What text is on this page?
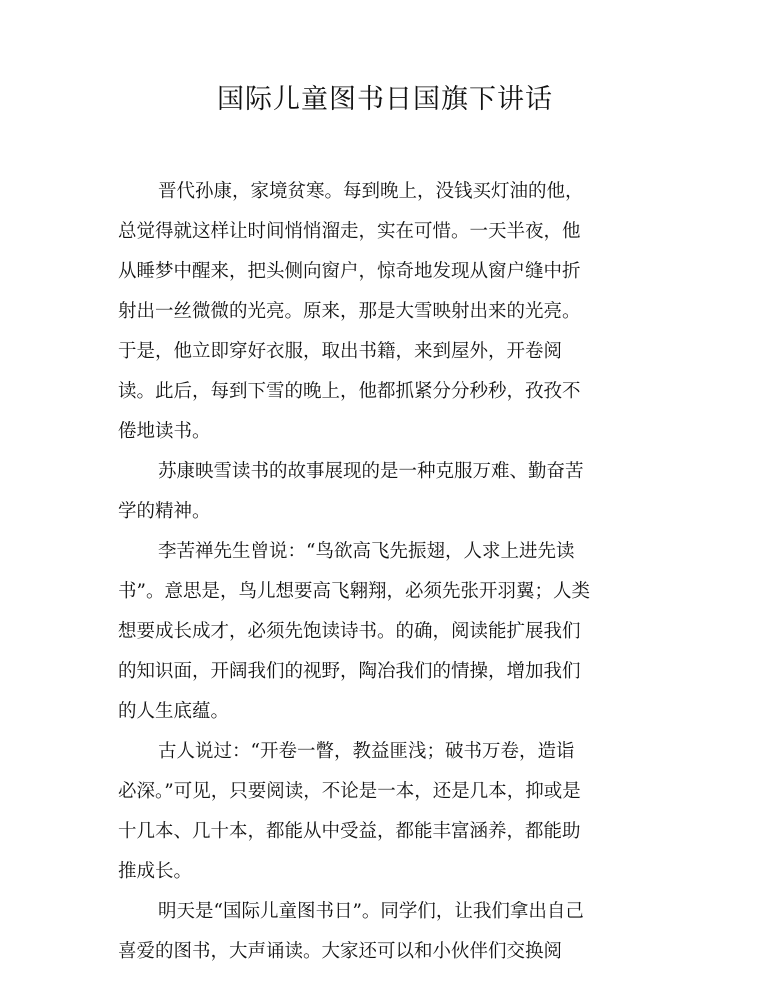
国际儿童图书日国旗下讲话

晋代孙康，家境贫寒。每到晚上，没钱买灯油的他，
总觉得就这样让时间悄悄溜走，实在可惜。一天半夜，他
从睡梦中醒来，把头侧向窗户，惊奇地发现从窗户缝中折
射出一丝微微的光亮。原来，那是大雪映射出来的光亮。
于是，他立即穿好衣服，取出书籍，来到屋外，开卷阅
读。此后，每到下雪的晚上，他都抓紧分分秒秒，孜孜不
倦地读书。

苏康映雪读书的故事展现的是一种克服万难、勤奋苦
学的精神。

李苦禅先生曾说：“鸟欲高飞先振翅，人求上进先读
书”。意思是，鸟儿想要高飞翱翔，必须先张开羽翼；人类
想要成长成才，必须先饱读诗书。的确，阅读能扩展我们
的知识面，开阔我们的视野，陶冶我们的情操，增加我们
的人生底蕴。

古人说过：“开卷一瞥，教益匪浅；破书万卷，造诣
必深。”可见，只要阅读，不论是一本，还是几本，抑或是
十几本、几十本，都能从中受益，都能丰富涵养，都能助
推成长。

明天是“国际儿童图书日”。同学们，让我们拿出自己
喜爱的图书，大声诵读。大家还可以和小伙伴们交换阅
